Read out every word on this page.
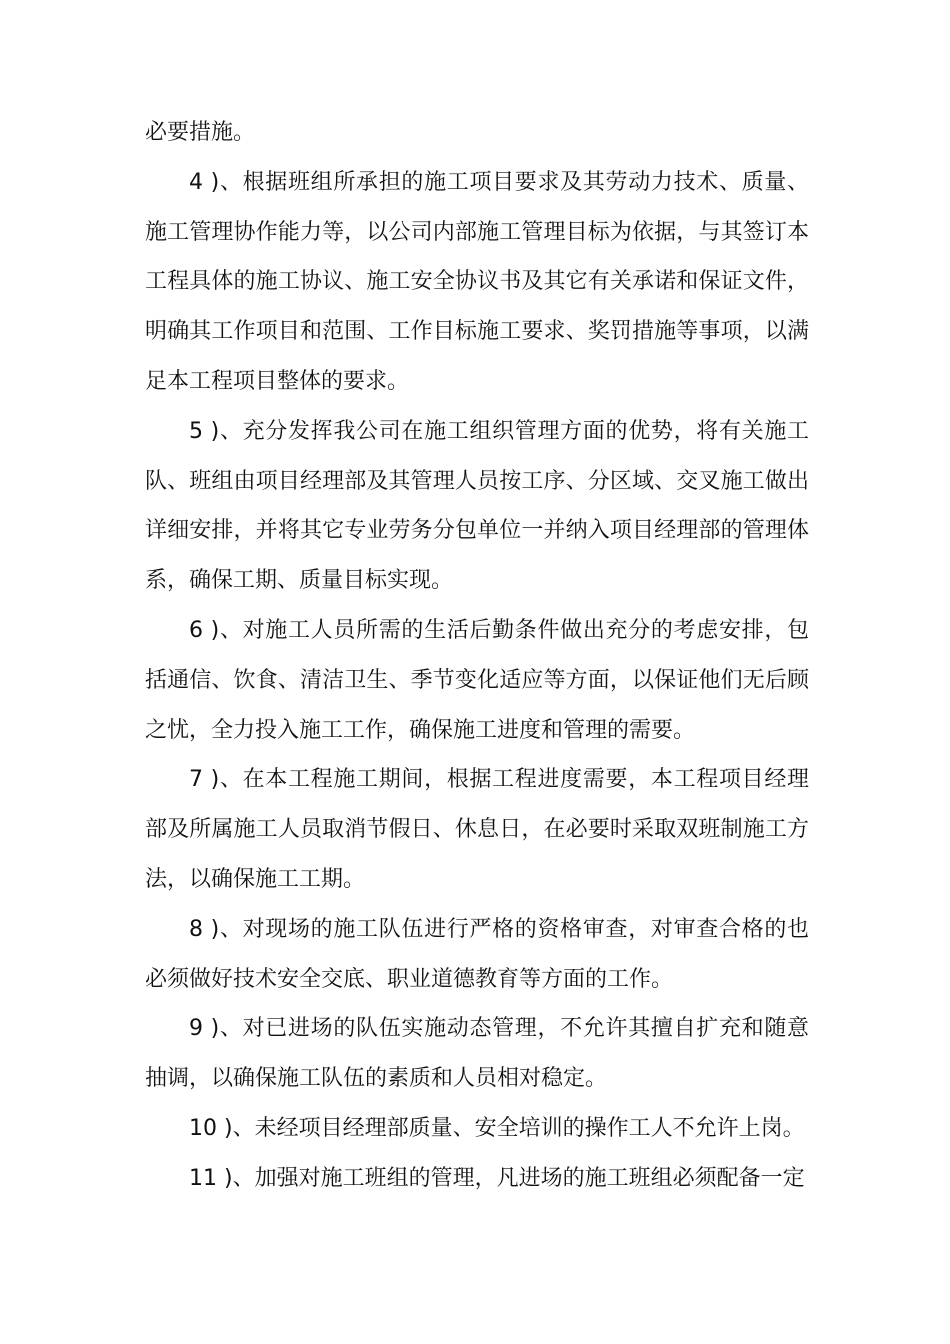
必要措施。

4 )、根据班组所承担的施工项目要求及其劳动力技术、质量、施工管理协作能力等，以公司内部施工管理目标为依据，与其签订本工程具体的施工协议、施工安全协议书及其它有关承诺和保证文件，明确其工作项目和范围、工作目标施工要求、奖罚措施等事项，以满足本工程项目整体的要求。

5 )、充分发挥我公司在施工组织管理方面的优势，将有关施工队、班组由项目经理部及其管理人员按工序、分区域、交叉施工做出详细安排，并将其它专业劳务分包单位一并纳入项目经理部的管理体系，确保工期、质量目标实现。

6 )、对施工人员所需的生活后勤条件做出充分的考虑安排，包括通信、饮食、清洁卫生、季节变化适应等方面，以保证他们无后顾之忧，全力投入施工工作，确保施工进度和管理的需要。

7 )、在本工程施工期间，根据工程进度需要，本工程项目经理部及所属施工人员取消节假日、休息日，在必要时采取双班制施工方法，以确保施工工期。

8 )、对现场的施工队伍进行严格的资格审查，对审查合格的也必须做好技术安全交底、职业道德教育等方面的工作。

9 )、对已进场的队伍实施动态管理，不允许其擅自扩充和随意抽调，以确保施工队伍的素质和人员相对稳定。

10 )、未经项目经理部质量、安全培训的操作工人不允许上岗。

11 )、加强对施工班组的管理，凡进场的施工班组必须配备一定
